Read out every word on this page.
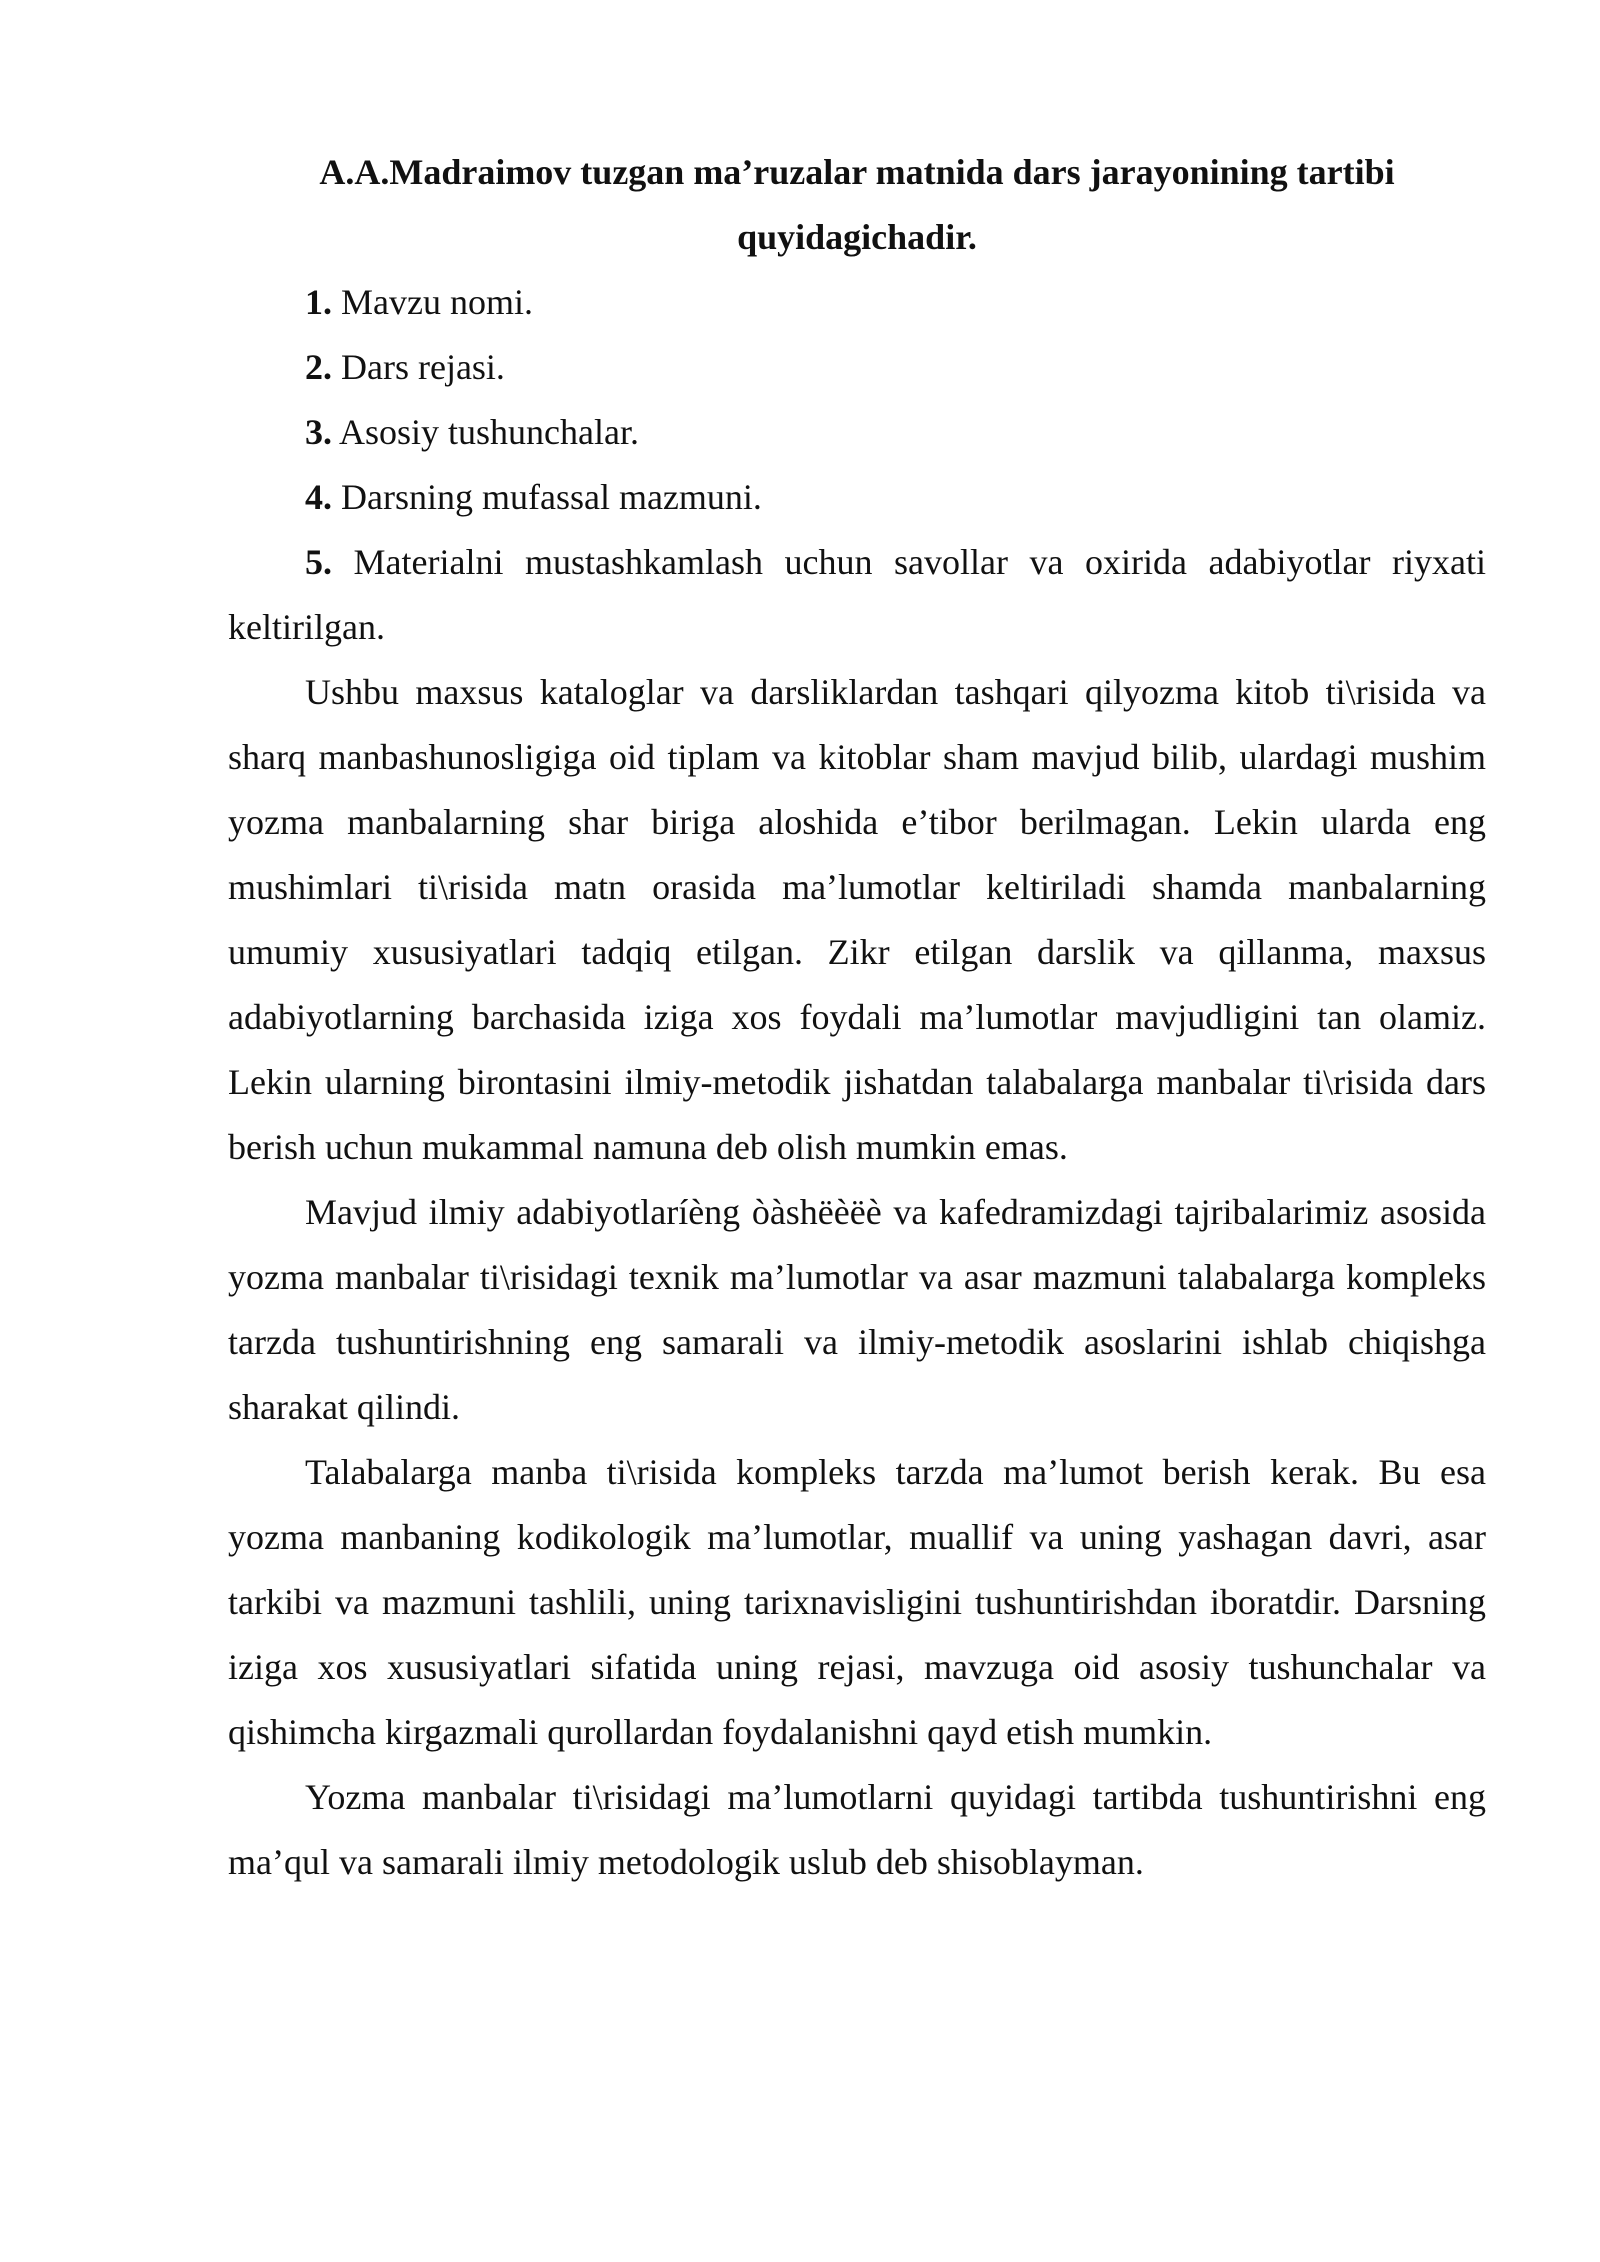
A.A.Madraimov tuzgan ma’ruzalar matnida dars jarayonining tartibi quyidagichadir.

1. Mavzu nomi.

2. Dars rejasi.

3. Asosiy tushunchalar.

4. Darsning mufassal mazmuni.

5. Materialni mustashkamlash uchun savollar va oxirida adabiyotlar riyxati keltirilgan.

Ushbu maxsus kataloglar va darsliklardan tashqari qilyozma kitob ti\risida va sharq manbashunosligiga oid tiplam va kitoblar sham mavjud bilib, ulardagi mushim yozma manbalarning shar biriga aloshida e’tibor berilmagan. Lekin ularda eng mushimlari ti\risida matn orasida ma’lumotlar keltiriladi shamda manbalarning umumiy xususiyatlari tadqiq etilgan. Zikr etilgan darslik va qillanma, maxsus adabiyotlarning barchasida iziga xos foydali ma’lumotlar mavjudligini tan olamiz. Lekin ularning birontasini ilmiy-metodik jishatdan talabalarga manbalar ti\risida dars berish uchun mukammal namuna deb olish mumkin emas.

Mavjud ilmiy adabiyotlaríèng òàshëèëè va kafedramizdagi tajribalarimiz asosida yozma manbalar ti\risidagi texnik ma’lumotlar va asar mazmuni talabalarga kompleks tarzda tushuntirishning eng samarali va ilmiy-metodik asoslarini ishlab chiqishga sharakat qilindi.

Talabalarga manba ti\risida kompleks tarzda ma’lumot berish kerak. Bu esa yozma manbaning kodikologik ma’lumotlar, muallif va uning yashagan davri, asar tarkibi va mazmuni tashlili, uning tarixnavisligini tushuntirishdan iboratdir. Darsning iziga xos xususiyatlari sifatida uning rejasi, mavzuga oid asosiy tushunchalar va qishimcha kirgazmali qurollardan foydalanishni qayd etish mumkin.

Yozma manbalar ti\risidagi ma’lumotlarni quyidagi tartibda tushuntirishni eng ma’qul va samarali ilmiy metodologik uslub deb shisoblayman.
